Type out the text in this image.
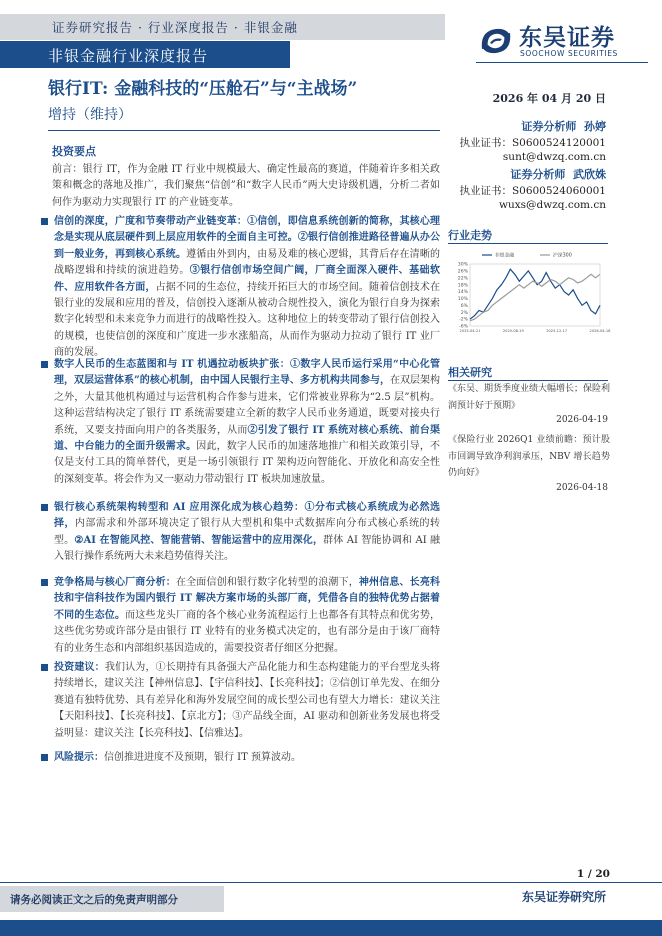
证券研究报告 · 行业深度报告 · 非银金融
非银金融行业深度报告
东吴证券
SOOCHOW SECURITIES
银行IT: 金融科技的“压舱石”与“主战场”	2026 年 04 月 20 日
增持（维持）
投资要点

前言：银行 IT，作为金融 IT 行业中规模最大、确定性最高的赛道，伴随着许多相关政策和概念的落地及推广，我们聚焦“信创”和“数字人民币”两大史诗级机遇，分析二者如何作为驱动力实现银行 IT 的产业链变革。

信创的深度，广度和节奏带动产业链变革：①信创，即信息系统创新的简称，其核心理念是实现从底层硬件到上层应用软件的全面自主可控。②银行信创推进路径普遍从办公到一般业务，再到核心系统。遵循由外到内，由易及难的核心逻辑，其背后存在清晰的战略逻辑和持续的演进趋势。③银行信创市场空间广阔，厂商全面深入硬件、基础软件、应用软件各方面，占据不同的生态位，持续开拓巨大的市场空间。随着信创技术在银行业的发展和应用的普及，信创投入逐渐从被动合规性投入，演化为银行自身为探索数字化转型和未来竞争力而进行的战略性投入。这种地位上的转变带动了银行信创投入的规模，也使信创的深度和广度进一步水涨船高，从而作为驱动力拉动了银行 IT 业厂商的发展。
数字人民币的生态蓝图和与 IT 机遇拉动板块扩张：①数字人民币运行采用“中心化管理，双层运营体系”的核心机制，由中国人民银行主导、多方机构共同参与，在双层架构之外，大量其他机构通过与运营机构合作参与进来，它们常被业界称为“2.5 层”机构。这种运营结构决定了银行 IT 系统需要建立全新的数字人民币业务通道，既要对接央行系统，又要支持面向用户的各类服务，从而②引发了银行 IT 系统对核心系统、前台渠道、中台能力的全面升级需求。因此，数字人民币的加速落地推广和相关政策引导，不仅是支付工具的简单替代，更是一场引领银行 IT 架构迈向智能化、开放化和高安全性的深刻变革。将会作为又一驱动力带动银行 IT 板块加速放量。
银行核心系统架构转型和 AI 应用深化成为核心趋势：①分布式核心系统成为必然选择，内部需求和外部环境决定了银行从大型机和集中式数据库向分布式核心系统的转型。②AI 在智能风控、智能营销、智能运营中的应用深化，群体 AI 智能协调和 AI 融入银行操作系统两大未来趋势值得关注。
竞争格局与核心厂商分析：在全面信创和银行数字化转型的浪潮下，神州信息、长亮科技和宇信科技作为国内银行 IT 解决方案市场的头部厂商，凭借各自的独特优势占据着不同的生态位。而这些龙头厂商的各个核心业务流程运行上也都各有其特点和优劣势，这些优劣势或许部分是由银行 IT 业特有的业务模式决定的，也有部分是由于该厂商特有的业务生态和内部组织基因造成的，需要投资者仔细区分把握。
投资建议：我们认为，①长期持有具备强大产品化能力和生态构建能力的平台型龙头将持续增长，建议关注【神州信息】、【宇信科技】、【长亮科技】；②信创订单先发、在细分赛道有独特优势、具有差异化和海外发展空间的成长型公司也有望大力增长：建议关注【天阳科技】、【长亮科技】、【京北方】；③产品线全面，AI 驱动和创新业务发展也将受益明显：建议关注【长亮科技】、【信雅达】。
风险提示：信创推进进度不及预期，银行 IT 预算波动。
证券分析师 孙婷
执业证书：S0600524120001
sunt@dwzq.com.cn
证券分析师 武欣姝
执业证书：S0600524060001
wuxs@dwzq.com.cn
行业走势
30%
26%
22%
18%
14%
10%
6%
2%
-2%
-6%
2025-04-21	2025-08-19	2025-12-17	2026-04-16
非银金融	沪深300
相关研究
《东吴、期货季度业绩大幅增长；保险利润预计好于预期》
2026-04-19
《保险行业 2026Q1 业绩前瞻：预计股市回调导致净利润承压，NBV 增长趋势仍向好》
2026-04-18
1 / 20
请务必阅读正文之后的免责声明部分	东吴证券研究所
